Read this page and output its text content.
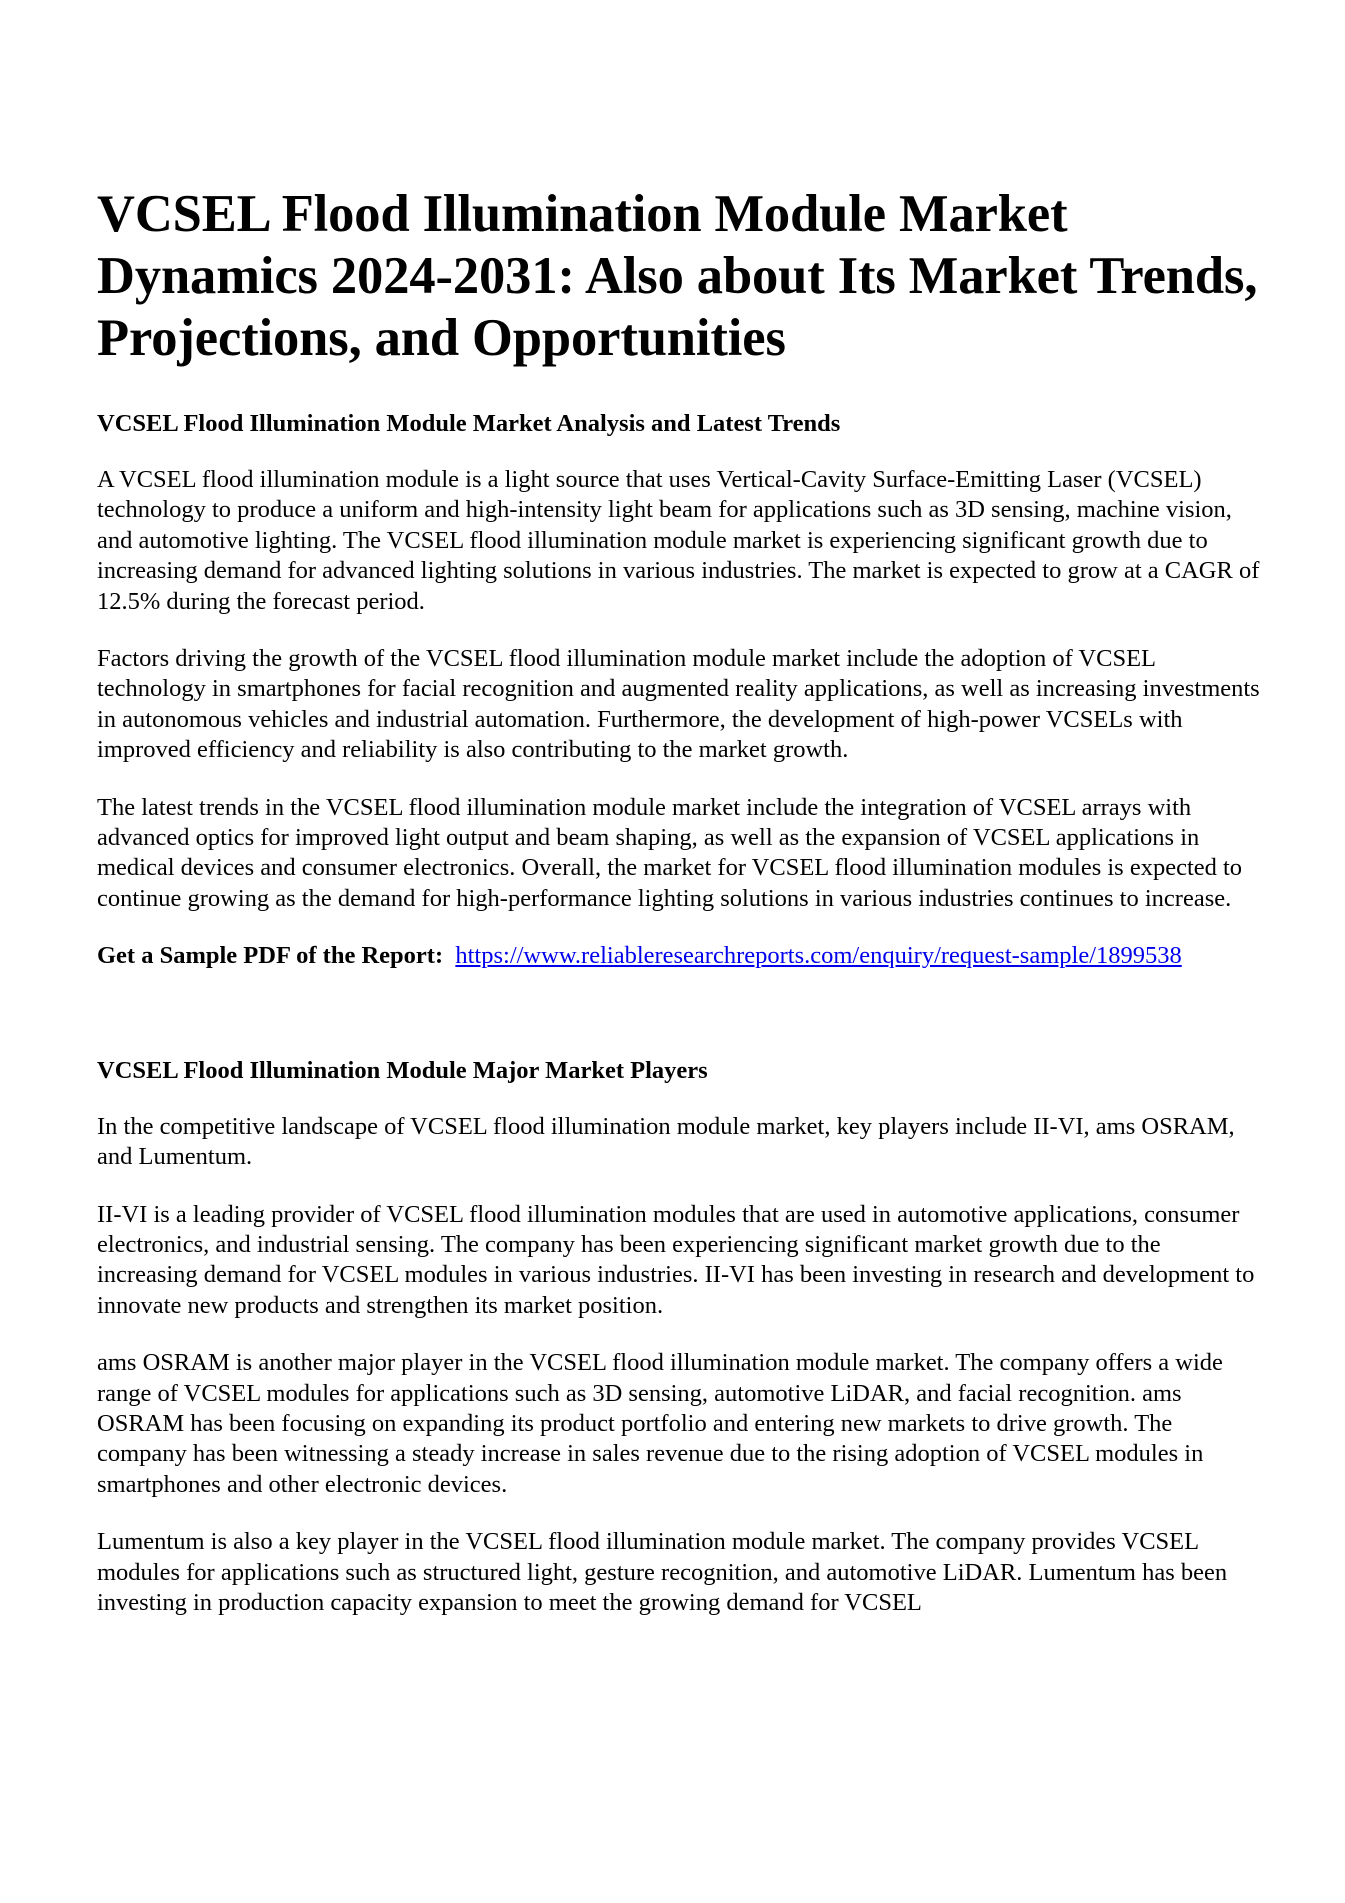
VCSEL Flood Illumination Module Market Dynamics 2024-2031: Also about Its Market Trends, Projections, and Opportunities
VCSEL Flood Illumination Module Market Analysis and Latest Trends

A VCSEL flood illumination module is a light source that uses Vertical-Cavity Surface-Emitting Laser (VCSEL) technology to produce a uniform and high-intensity light beam for applications such as 3D sensing, machine vision, and automotive lighting. The VCSEL flood illumination module market is experiencing significant growth due to increasing demand for advanced lighting solutions in various industries. The market is expected to grow at a CAGR of 12.5% during the forecast period.

Factors driving the growth of the VCSEL flood illumination module market include the adoption of VCSEL technology in smartphones for facial recognition and augmented reality applications, as well as increasing investments in autonomous vehicles and industrial automation. Furthermore, the development of high-power VCSELs with improved efficiency and reliability is also contributing to the market growth.

The latest trends in the VCSEL flood illumination module market include the integration of VCSEL arrays with advanced optics for improved light output and beam shaping, as well as the expansion of VCSEL applications in medical devices and consumer electronics. Overall, the market for VCSEL flood illumination modules is expected to continue growing as the demand for high-performance lighting solutions in various industries continues to increase.

Get a Sample PDF of the Report: https://www.reliableresearchreports.com/enquiry/request-sample/1899538

VCSEL Flood Illumination Module Major Market Players

In the competitive landscape of VCSEL flood illumination module market, key players include II-VI, ams OSRAM, and Lumentum.

II-VI is a leading provider of VCSEL flood illumination modules that are used in automotive applications, consumer electronics, and industrial sensing. The company has been experiencing significant market growth due to the increasing demand for VCSEL modules in various industries. II-VI has been investing in research and development to innovate new products and strengthen its market position.

ams OSRAM is another major player in the VCSEL flood illumination module market. The company offers a wide range of VCSEL modules for applications such as 3D sensing, automotive LiDAR, and facial recognition. ams OSRAM has been focusing on expanding its product portfolio and entering new markets to drive growth. The company has been witnessing a steady increase in sales revenue due to the rising adoption of VCSEL modules in smartphones and other electronic devices.

Lumentum is also a key player in the VCSEL flood illumination module market. The company provides VCSEL modules for applications such as structured light, gesture recognition, and automotive LiDAR. Lumentum has been investing in production capacity expansion to meet the growing demand for VCSEL
